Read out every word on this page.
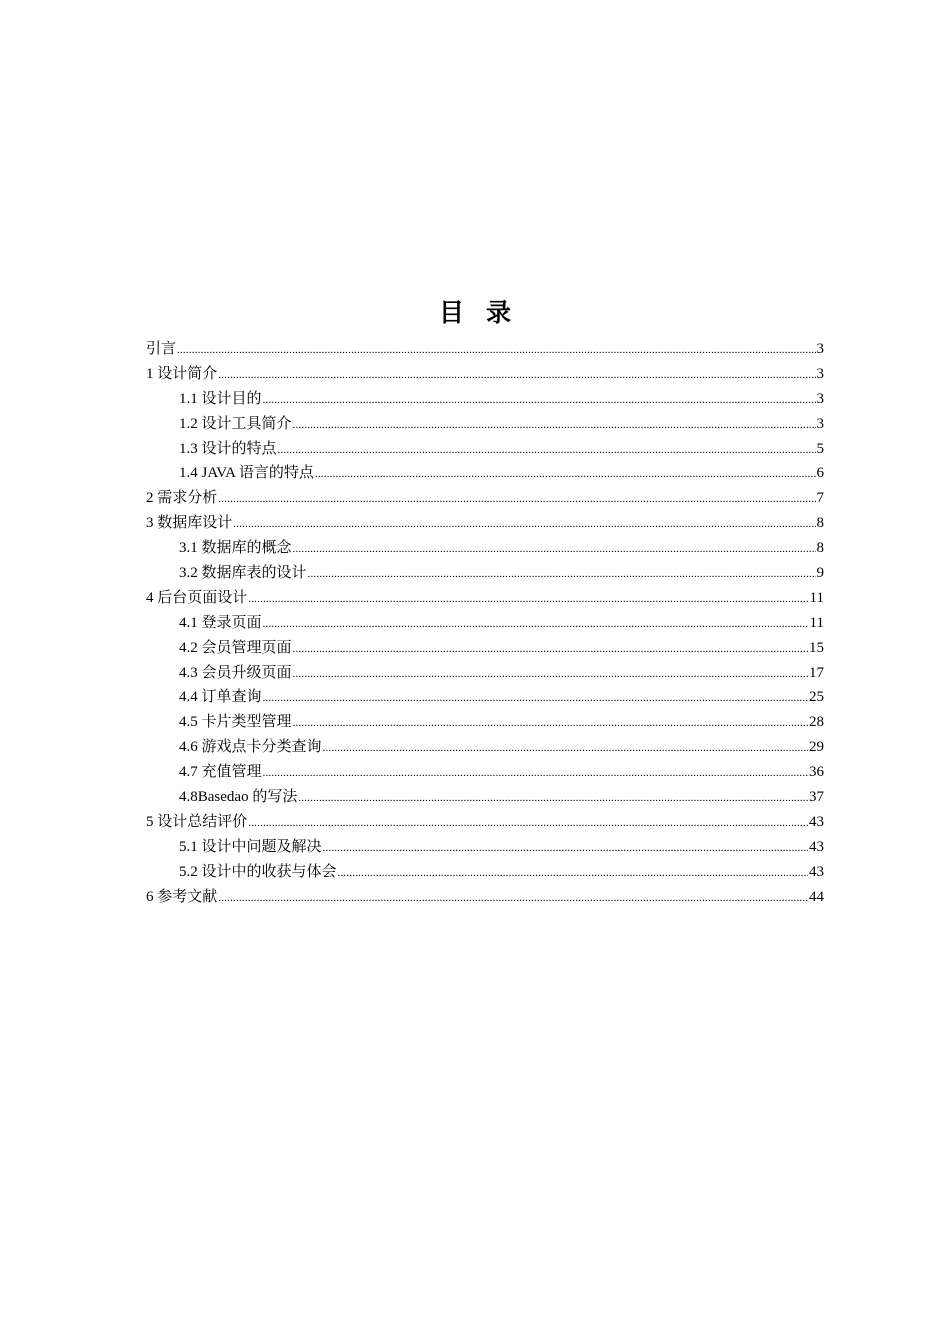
目录
引言 .....	3
1 设计简介 .....	3
1.1 设计目的 .....	3
1.2 设计工具简介 .....	3
1.3 设计的特点 .....	5
1.4 JAVA 语言的特点 .....	6
2 需求分析 .....	7
3 数据库设计 .....	8
3.1 数据库的概念 .....	8
3.2 数据库表的设计 .....	9
4 后台页面设计 .....	11
4.1 登录页面 .....	11
4.2 会员管理页面 .....	15
4.3 会员升级页面 .....	17
4.4 订单查询 .....	25
4.5 卡片类型管理 .....	28
4.6 游戏点卡分类查询 .....	29
4.7 充值管理 .....	36
4.8Basedao 的写法 .....	37
5 设计总结评价 .....	43
5.1 设计中问题及解决 .....	43
5.2 设计中的收获与体会 .....	43
6 参考文献 .....	44
